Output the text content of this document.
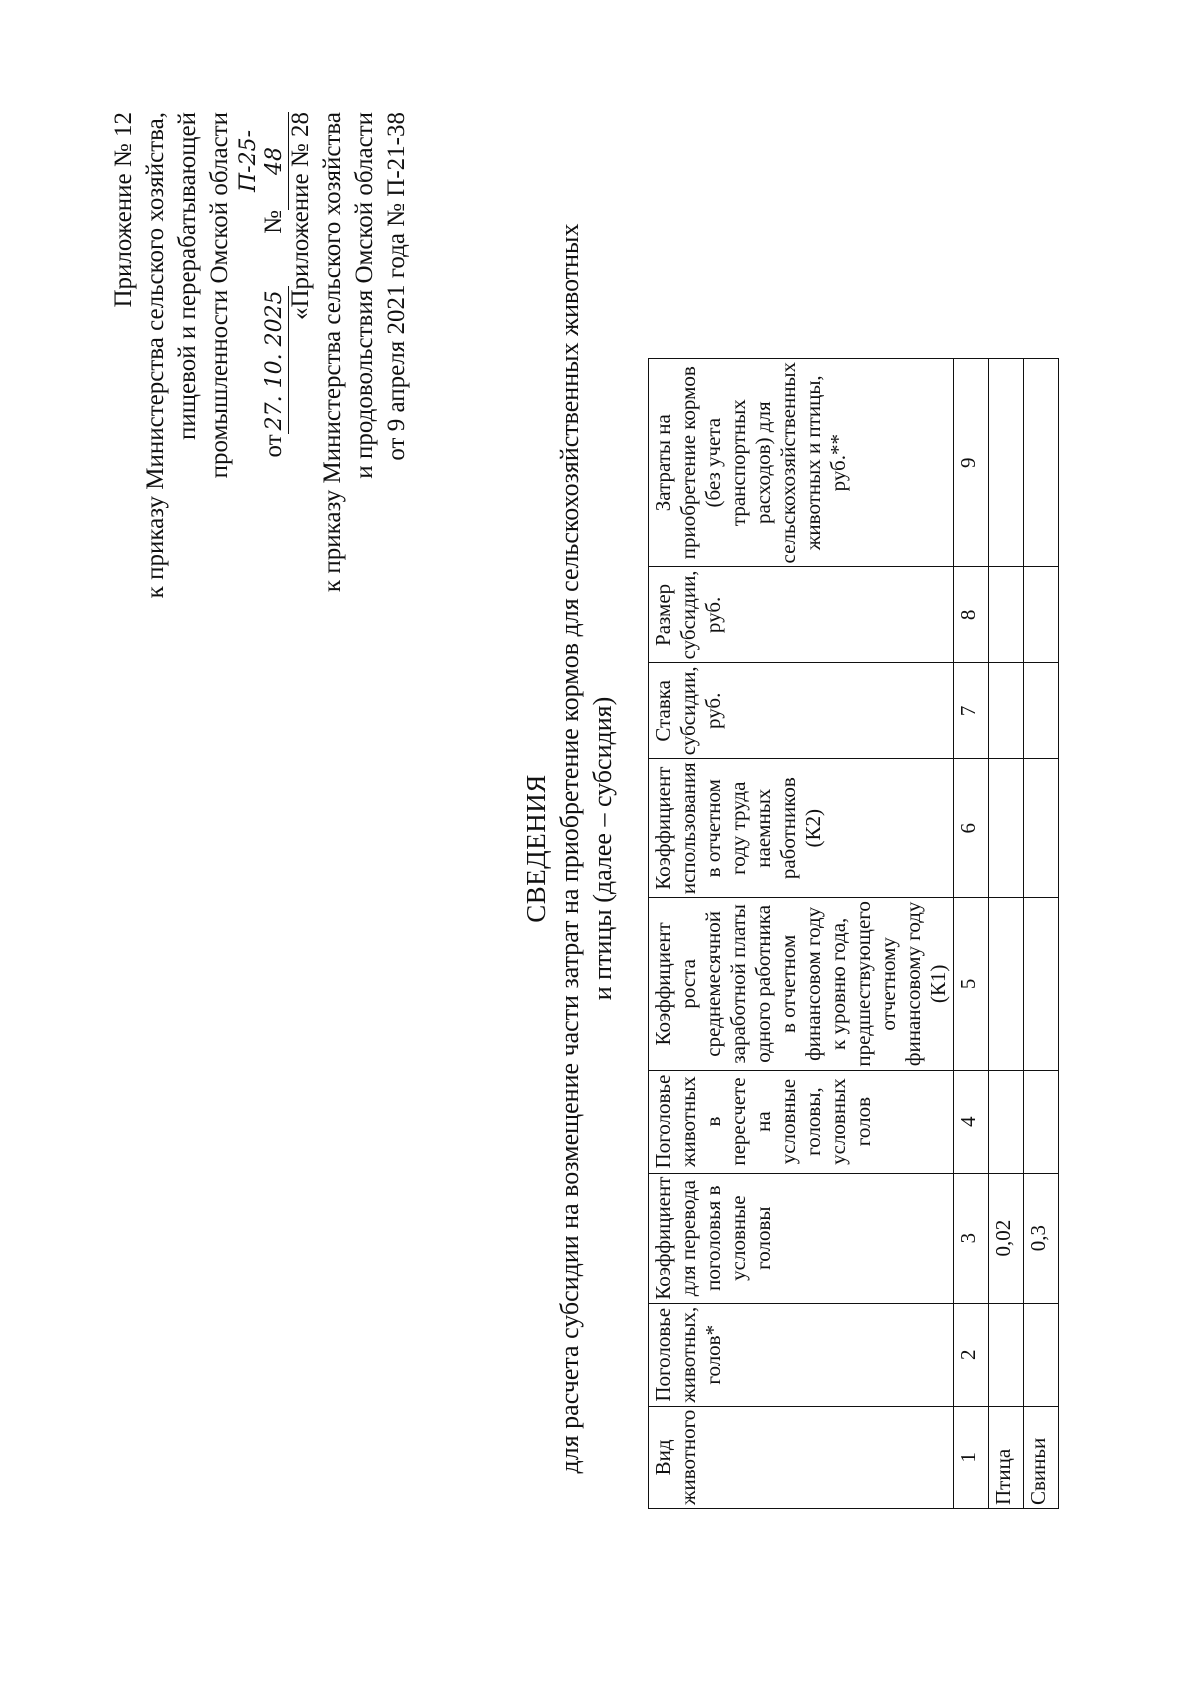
Приложение № 12 к приказу Министерства сельского хозяйства, пищевой и перерабатывающей промышленности Омской области	от27. 10. 2025  №П-25-48 «Приложение № 28 к приказу Министерства сельского хозяйства и продовольствия Омской области от 9 апреля 2021 года № П-21-38
СВЕДЕНИЯ для расчета субсидии на возмещение части затрат на приобретение кормов для сельскохозяйственных животных и птицы (далее – субсидия)
Вид животного	Поголовье животных, голов*	Коэффициент для перевода поголовья в условные головы	Поголовье животных в пересчете на условные головы, условных голов	Коэффициент роста среднемесячной заработной платы одного работника в отчетном финансовом году к уровню года, предшествующего отчетному финансовому году (К1)	Коэффициент использования в отчетном году труда наемных работников (К2)	Ставка субсидии, руб.	Размер субсидии, руб.	Затраты на приобретение кормов (без учета транспортных расходов) для сельскохозяйственных животных и птицы, руб.**
1	2	3	4	5	6	7	8	9
Птица		0,02						
Свиньи		0,3						
